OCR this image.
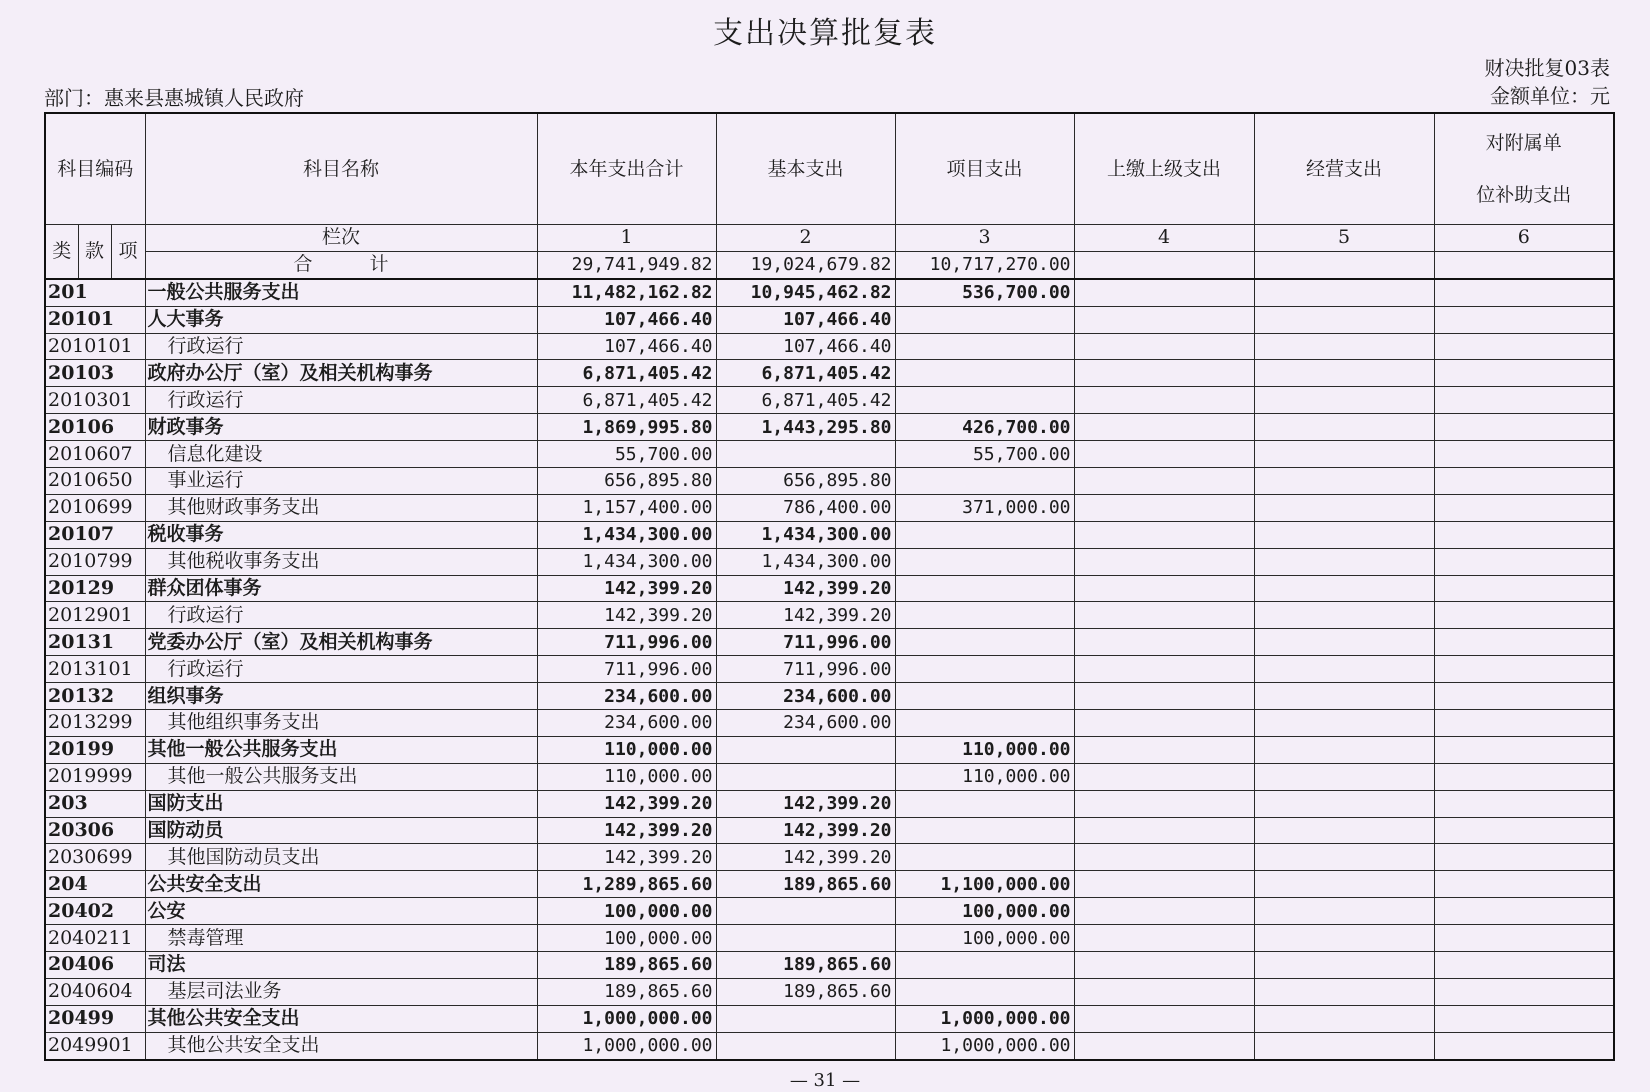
支出决算批复表
财决批复03表
金额单位：元
部门：惠来县惠城镇人民政府
科目编码			科目名称	本年支出合计	基本支出	项目支出	上缴上级支出	经营支出	对附属单
位补助支出

类	款	项	栏次	1	2	3	4	5	6
			合　　　计	29,741,949.82	19,024,679.82	10,717,270.00			
201			一般公共服务支出	11,482,162.82	10,945,462.82	536,700.00			
20101			人大事务	107,466.40	107,466.40				
2010101			行政运行	107,466.40	107,466.40				
20103			政府办公厅（室）及相关机构事务	6,871,405.42	6,871,405.42				
2010301			行政运行	6,871,405.42	6,871,405.42				
20106			财政事务	1,869,995.80	1,443,295.80	426,700.00			
2010607			信息化建设	55,700.00		55,700.00			
2010650			事业运行	656,895.80	656,895.80				
2010699			其他财政事务支出	1,157,400.00	786,400.00	371,000.00			
20107			税收事务	1,434,300.00	1,434,300.00				
2010799			其他税收事务支出	1,434,300.00	1,434,300.00				
20129			群众团体事务	142,399.20	142,399.20				
2012901			行政运行	142,399.20	142,399.20				
20131			党委办公厅（室）及相关机构事务	711,996.00	711,996.00				
2013101			行政运行	711,996.00	711,996.00				
20132			组织事务	234,600.00	234,600.00				
2013299			其他组织事务支出	234,600.00	234,600.00				
20199			其他一般公共服务支出	110,000.00		110,000.00			
2019999			其他一般公共服务支出	110,000.00		110,000.00			
203			国防支出	142,399.20	142,399.20				
20306			国防动员	142,399.20	142,399.20				
2030699			其他国防动员支出	142,399.20	142,399.20				
204			公共安全支出	1,289,865.60	189,865.60	1,100,000.00			
20402			公安	100,000.00		100,000.00			
2040211			禁毒管理	100,000.00		100,000.00			
20406			司法	189,865.60	189,865.60				
2040604			基层司法业务	189,865.60	189,865.60				
20499			其他公共安全支出	1,000,000.00		1,000,000.00			
2049901			其他公共安全支出	1,000,000.00		1,000,000.00			
— 31 —
